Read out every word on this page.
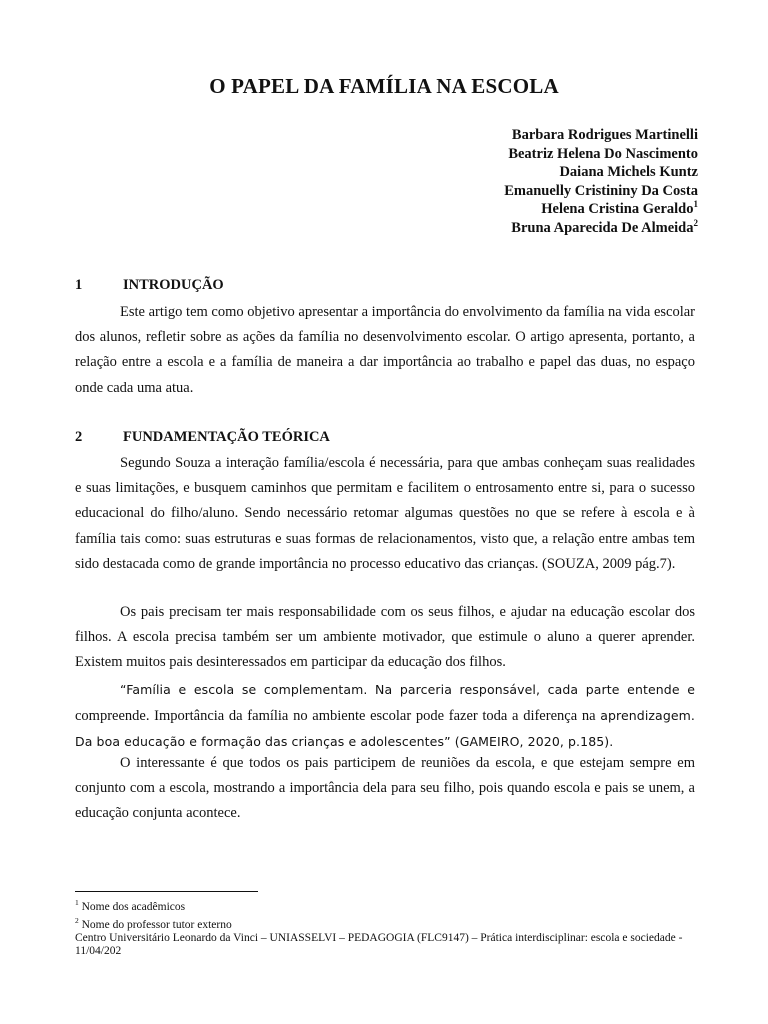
O PAPEL DA FAMÍLIA NA ESCOLA
Barbara Rodrigues Martinelli
Beatriz Helena Do Nascimento
Daiana Michels Kuntz
Emanuelly Cristininy Da Costa
Helena Cristina Geraldo$^1$
Bruna Aparecida De Almeida$^2$
1	INTRODUÇÃO
Este artigo tem como objetivo apresentar a importância do envolvimento da família na vida escolar dos alunos, refletir sobre as ações da família no desenvolvimento escolar. O artigo apresenta, portanto, a relação entre a escola e a família de maneira a dar importância ao trabalho e papel das duas, no espaço onde cada uma atua.
2	FUNDAMENTAÇÃO TEÓRICA
Segundo Souza a interação família/escola é necessária, para que ambas conheçam suas realidades e suas limitações, e busquem caminhos que permitam e facilitem o entrosamento entre si, para o sucesso educacional do filho/aluno. Sendo necessário retomar algumas questões no que se refere à escola e à família tais como: suas estruturas e suas formas de relacionamentos, visto que, a relação entre ambas tem sido destacada como de grande importância no processo educativo das crianças. (SOUZA, 2009 pág.7).
Os pais precisam ter mais responsabilidade com os seus filhos, e ajudar na educação escolar dos filhos. A escola precisa também ser um ambiente motivador, que estimule o aluno a querer aprender. Existem muitos pais desinteressados em participar da educação dos filhos.
“Família e escola se complementam. Na parceria responsável, cada parte entende e compreende. Importância da família no ambiente escolar pode fazer toda a diferença na aprendizagem. Da boa educação e formação das crianças e adolescentes” (GAMEIRO, 2020, p.185).
O interessante é que todos os pais participem de reuniões da escola, e que estejam sempre em conjunto com a escola, mostrando a importância dela para seu filho, pois quando escola e pais se unem, a educação conjunta acontece.
$^1$ Nome dos acadêmicos
$^2$ Nome do professor tutor externo
Centro Universitário Leonardo da Vinci – UNIASSELVI – PEDAGOGIA (FLC9147) – Prática interdisciplinar: escola e sociedade - 11/04/202
